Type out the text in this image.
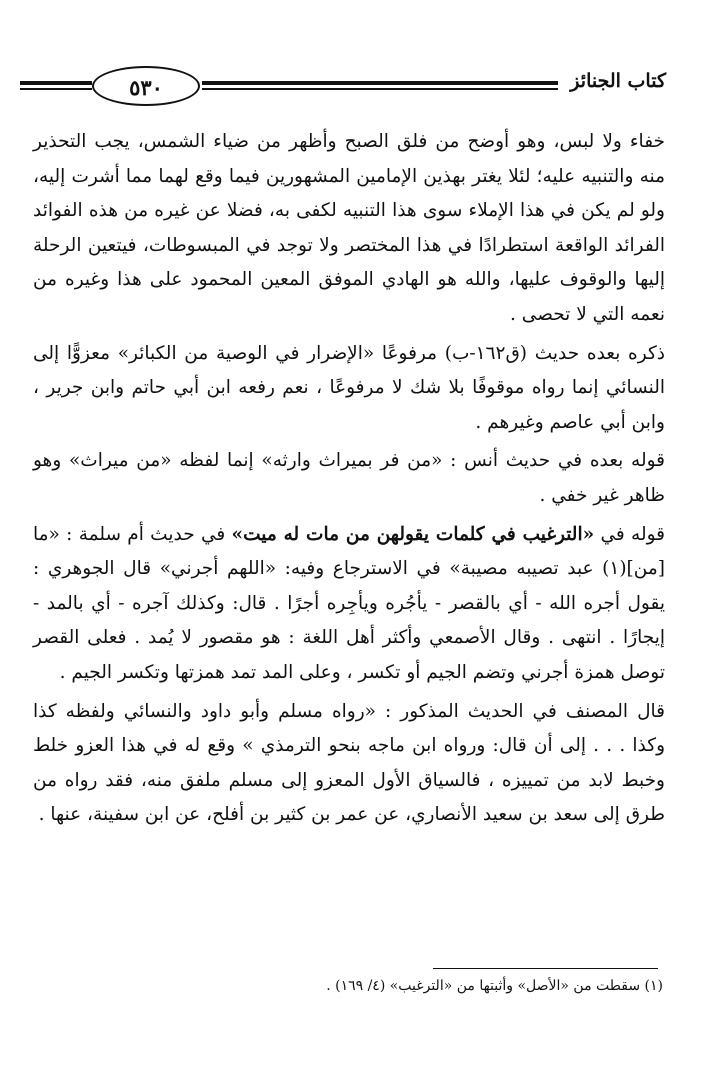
٥٣٠	كتاب الجنائز

خفاء ولا لبس، وهو أوضح من فلق الصبح وأظهر من ضياء الشمس، يجب التحذير منه والتنبيه عليه؛ لئلا يغتر بهذين الإمامين المشهورين فيما وقع لهما مما أشرت إليه، ولو لم يكن في هذا الإملاء سوى هذا التنبيه لكفى به، فضلا عن غيره من هذه الفوائد الفرائد الواقعة استطرادًا في هذا المختصر ولا توجد في المبسوطات، فيتعين الرحلة إليها والوقوف عليها، والله هو الهادي الموفق المعين المحمود على هذا وغيره من نعمه التي لا تحصى .

ذكره بعده حديث (ق١٦٢-ب) مرفوعًا «الإضرار في الوصية من الكبائر» معزوًّا إلى النسائي إنما رواه موقوفًا بلا شك لا مرفوعًا ، نعم رفعه ابن أبي حاتم وابن جرير ، وابن أبي عاصم وغيرهم .

قوله بعده في حديث أنس : «من فر بميراث وارثه» إنما لفظه «من ميراث» وهو ظاهر غير خفي .

قوله في «الترغيب في كلمات يقولهن من مات له ميت» في حديث أم سلمة : «ما [من](١) عبد تصيبه مصيبة» في الاسترجاع وفيه: «اللهم أجرني» قال الجوهري : يقول أجره الله - أي بالقصر - يأجُره ويأجِره أجرًا . قال: وكذلك آجره - أي بالمد - إيجارًا . انتهى . وقال الأصمعي وأكثر أهل اللغة : هو مقصور لا يُمد . فعلى القصر توصل همزة أجرني وتضم الجيم أو تكسر ، وعلى المد تمد همزتها وتكسر الجيم .

قال المصنف في الحديث المذكور : «رواه مسلم وأبو داود والنسائي ولفظه كذا وكذا . . . إلى أن قال: ورواه ابن ماجه بنحو الترمذي » وقع له في هذا العزو خلط وخبط لابد من تمييزه ، فالسياق الأول المعزو إلى مسلم ملفق منه، فقد رواه من طرق إلى سعد بن سعيد الأنصاري، عن عمر بن كثير بن أفلح، عن ابن سفينة، عنها .

(١) سقطت من «الأصل» وأثبتها من «الترغيب» (٤/ ١٦٩) .
